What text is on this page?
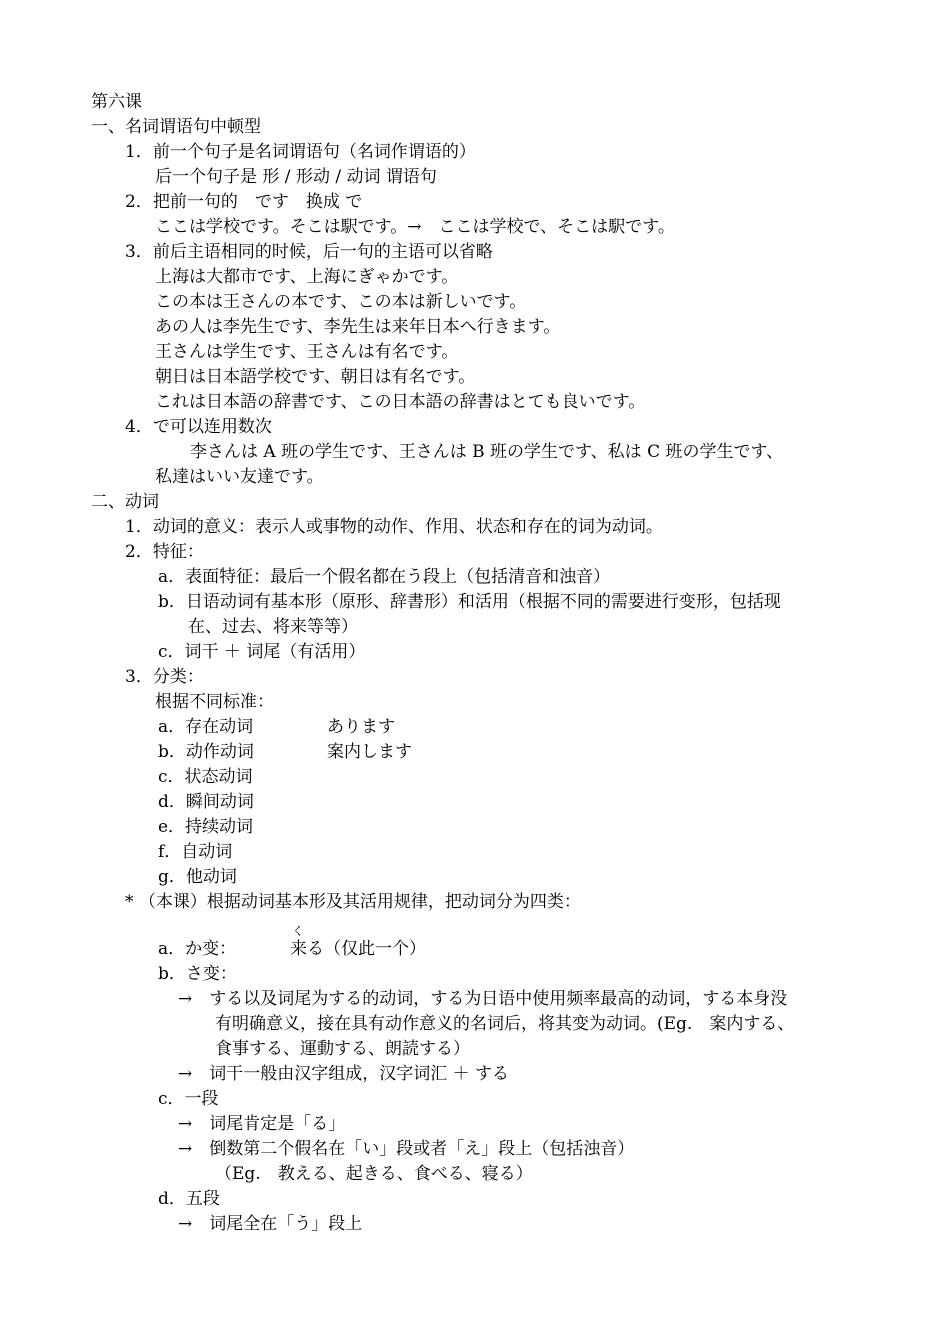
第六课
一、名词谓语句中顿型
1．前一个句子是名词谓语句（名词作谓语的）
后一个句子是 形 / 形动 / 动词 谓语句
2．把前一句的　です　换成 で
ここは学校です。そこは駅です。→　ここは学校で、そこは駅です。
3．前后主语相同的时候，后一句的主语可以省略
上海は大都市です、上海にぎゃかです。
この本は王さんの本です、この本は新しいです。
あの人は李先生です、李先生は来年日本へ行きます。
王さんは学生です、王さんは有名です。
朝日は日本語学校です、朝日は有名です。
これは日本語の辞書です、この日本語の辞書はとても良いです。
4．で可以连用数次
李さんは A 班の学生です、王さんは B 班の学生です、私は C 班の学生です、
私達はいい友達です。
二、动词
1．动词的意义：表示人或事物的动作、作用、状态和存在的词为动词。
2．特征：
a．表面特征：最后一个假名都在う段上（包括清音和浊音）
b．日语动词有基本形（原形、辞書形）和活用（根据不同的需要进行变形，包括现
在、过去、将来等等）
c．词干 ＋ 词尾（有活用）
3．分类：
根据不同标准：
a．存在动词	あります
b．动作动词	案内します
c．状态动词
d．瞬间动词
e．持续动词
f．自动词
g．他动词
* （本课）根据动词基本形及其活用规律，把动词分为四类：
く
a．か变：	来る（仅此一个）
b．さ变：
→　する以及词尾为する的动词，する为日语中使用频率最高的动词，する本身没
有明确意义，接在具有动作意义的名词后，将其变为动词。(Eg.　案内する、
食事する、運動する、朗読する）
→　词干一般由汉字组成，汉字词汇 ＋ する
c．一段
→　词尾肯定是「る」
→　倒数第二个假名在「い」段或者「え」段上（包括浊音）
（Eg.　教える、起きる、食べる、寝る）
d．五段
→　词尾全在「う」段上
